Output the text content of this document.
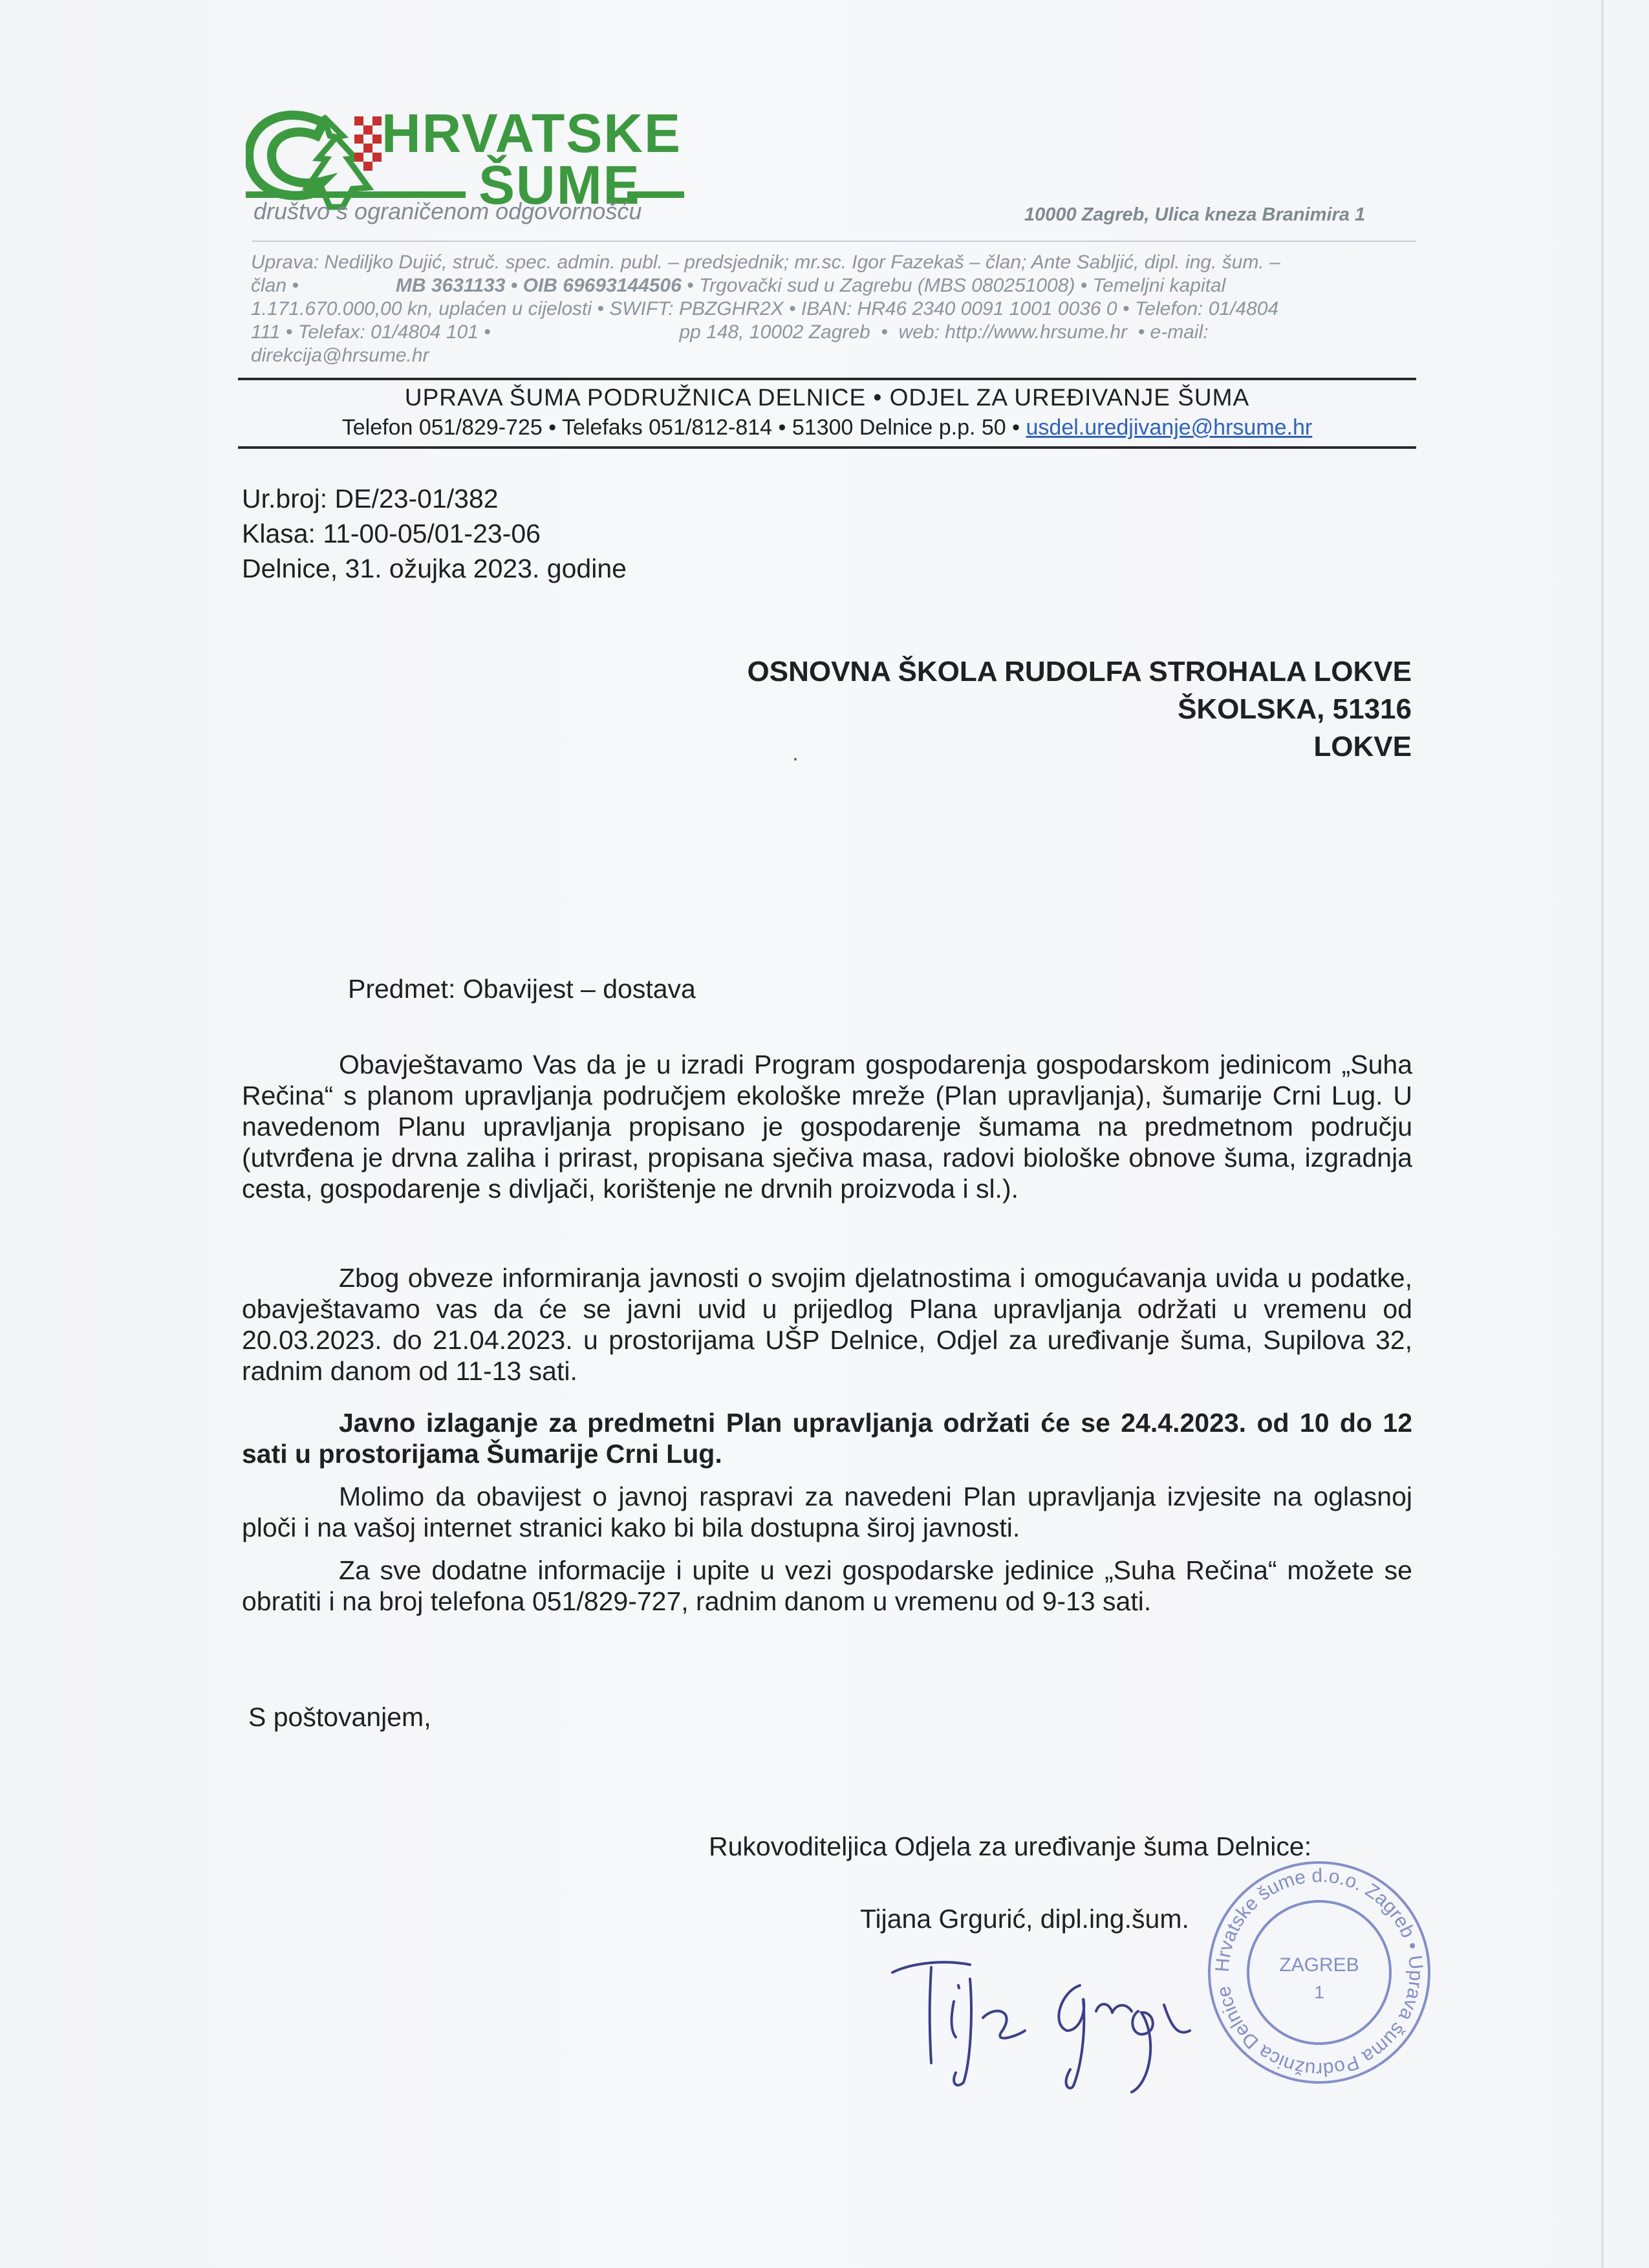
HRVATSKE
ŠUME
društvo s ograničenom odgovornošću	10000 Zagreb, Ulica kneza Branimira 1
Uprava: Nediljko Dujić, struč. spec. admin. publ. – predsjednik; mr.sc. Igor Fazekaš – član; Ante Sabljić, dipl. ing. šum. –
član •	MB 3631133 • OIB 69693144506 • Trgovački sud u Zagrebu (MBS 080251008) • Temeljni kapital
1.171.670.000,00 kn, uplaćen u cijelosti • SWIFT: PBZGHR2X • IBAN: HR46 2340 0091 1001 0036 0 • Telefon: 01/4804
111 • Telefax: 01/4804 101 •                                   pp 148, 10002 Zagreb  •  web: http://www.hrsume.hr  • e-mail:
direkcija@hrsume.hr
UPRAVA ŠUMA PODRUŽNICA DELNICE • ODJEL ZA UREĐIVANJE ŠUMA
Telefon 051/829-725 • Telefaks 051/812-814 • 51300 Delnice p.p. 50 • usdel.uredjivanje@hrsume.hr
Ur.broj: DE/23-01/382
Klasa: 11-00-05/01-23-06
Delnice, 31. ožujka 2023. godine
OSNOVNA ŠKOLA RUDOLFA STROHALA LOKVE
ŠKOLSKA, 51316
LOKVE
Predmet: Obavijest – dostava
Obavještavamo Vas da je u izradi Program gospodarenja gospodarskom jedinicom „Suha Rečina“ s planom upravljanja područjem ekološke mreže (Plan upravljanja), šumarije Crni Lug. U navedenom Planu upravljanja propisano je gospodarenje šumama na predmetnom području (utvrđena je drvna zaliha i prirast, propisana sječiva masa, radovi biološke obnove šuma, izgradnja cesta, gospodarenje s divljači, korištenje ne drvnih proizvoda i sl.).
Zbog obveze informiranja javnosti o svojim djelatnostima i omogućavanja uvida u podatke, obavještavamo vas da će se javni uvid u prijedlog Plana upravljanja održati u vremenu od 20.03.2023. do 21.04.2023. u prostorijama UŠP Delnice, Odjel za uređivanje šuma, Supilova 32, radnim danom od 11-13 sati.
Javno izlaganje za predmetni Plan upravljanja održati će se 24.4.2023. od 10 do 12 sati u prostorijama Šumarije Crni Lug.
Molimo da obavijest o javnoj raspravi za navedeni Plan upravljanja izvjesite na oglasnoj ploči i na vašoj internet stranici kako bi bila dostupna široj javnosti.
Za sve dodatne informacije i upite u vezi gospodarske jedinice „Suha Rečina“ možete se obratiti i na broj telefona 051/829-727, radnim danom u vremenu od 9-13 sati.
S poštovanjem,
Rukovoditeljica Odjela za uređivanje šuma Delnice:
Tijana Grgurić, dipl.ing.šum.
Hrvatske šume d.o.o. Zagreb • Uprava šuma Podružnica Delnice
ZAGREB
1
